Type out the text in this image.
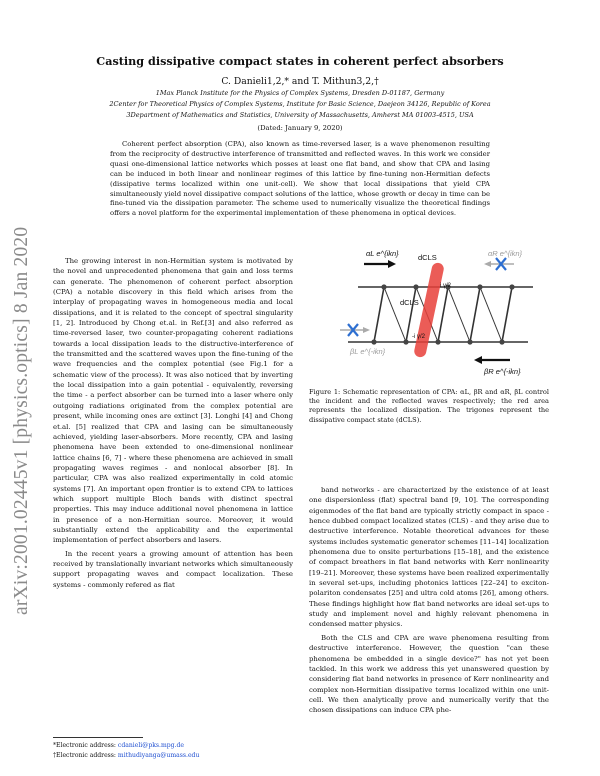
arXiv:2001.02445v1 [physics.optics] 8 Jan 2020
Casting dissipative compact states in coherent perfect absorbers
C. Danieli1,2,* and T. Mithun3,2,†
1Max Planck Institute for the Physics of Complex Systems, Dresden D-01187, Germany
2Center for Theoretical Physics of Complex Systems, Institute for Basic Science, Daejeon 34126, Republic of Korea
3Department of Mathematics and Statistics, University of Massachusetts, Amherst MA 01003-4515, USA
(Dated: January 9, 2020)
Coherent perfect absorption (CPA), also known as time-reversed laser, is a wave phenomenon resulting from the reciprocity of destructive interference of transmitted and reflected waves. In this work we consider quasi one-dimensional lattice networks which posses at least one flat band, and show that CPA and lasing can be induced in both linear and nonlinear regimes of this lattice by fine-tuning non-Hermitian defects (dissipative terms localized within one unit-cell). We show that local dissipations that yield CPA simultaneously yield novel dissipative compact solutions of the lattice, whose growth or decay in time can be fine-tuned via the dissipation parameter. The scheme used to numerically visualize the theoretical findings offers a novel platform for the experimental implementation of these phenomena in optical devices.

The growing interest in non-Hermitian system is motivated by the novel and unprecedented phenomena that gain and loss terms can generate. The phenomenon of coherent perfect absorption (CPA) a notable discovery in this field which arises from the interplay of propagating waves in homogeneous media and local dissipations, and it is related to the concept of spectral singularity [1, 2]. Introduced by Chong et.al. in Ref.[3] and also referred as time-reversed laser, two counter-propagating coherent radiations towards a local dissipation leads to the distructive-interference of the transmitted and the scattered waves upon the fine-tuning of the wave frequencies and the complex potential (see Fig.1 for a schematic view of the process). It was also noticed that by inverting the local dissipation into a gain potential - equivalently, reversing the time - a perfect absorber can be turned into a laser where only outgoing radiations originated from the complex potential are present, while incoming ones are extinct [3]. Longhi [4] and Chong et.al. [5] realized that CPA and lasing can be simultaneously achieved, yielding laser-absorbers. More recently, CPA and lasing phenomena have been extended to one-dimensional nonlinear lattice chains [6, 7] - where these phenomena are achieved in small propagating waves regimes - and nonlocal absorber [8]. In particular, CPA was also realized experimentally in cold atomic systems [7]. An important open frontier is to extend CPA to lattices which support multiple Bloch bands with distinct spectral properties. This may induce additional novel phenomena in lattice in presence of a non-Hermitian source. Moreover, it would substantially extend the applicability and the experimental implementation of perfect absorbers and lasers.

In the recent years a growing amount of attention has been received by translationally invariant networks which simultaneously support propagating waves and compact localization. These systems - commonly refered as flat

dCLS
dCLS
i γ/2
-i γ/2
αL e^{ikn}	αR e^{ikn}
βL e^{-ikn}
βR e^{-ikn}
Figure 1: Schematic representation of CPA: αL, βR and αR, βL control the incident and the reflected waves respectively; the red area represents the localized dissipation. The trigones represent the dissipative compact state (dCLS).

band networks - are characterized by the existence of at least one dispersionless (flat) spectral band [9, 10]. The corresponding eigenmodes of the flat band are typically strictly compact in space - hence dubbed compact localized states (CLS) - and they arise due to destructive interference. Notable theoretical advances for these systems includes systematic generator schemes [11–14] localization phenomena due to onsite perturbations [15–18], and the existence of compact breathers in flat band networks with Kerr nonlinearity [19–21]. Moreover, these systems have been realized experimentally in several set-ups, including photonics lattices [22–24] to exciton-polariton condensates [25] and ultra cold atoms [26], among others. These findings highlight how flat band networks are ideal set-ups to study and implement novel and highly relevant phenomena in condensed matter physics.

Both the CLS and CPA are wave phenomena resulting from destructive interference. However, the question "can these phenomena be embedded in a single device?" has not yet been tackled. In this work we address this yet unanswered question by considering flat band networks in presence of Kerr nonlinearity and complex non-Hermitian dissipative terms localized within one unit-cell. We then analytically prove and numerically verify that the chosen dissipations can induce CPA phe-

*Electronic address: cdanieli@pks.mpg.de
†Electronic address: mithudiyanga@umass.edu
